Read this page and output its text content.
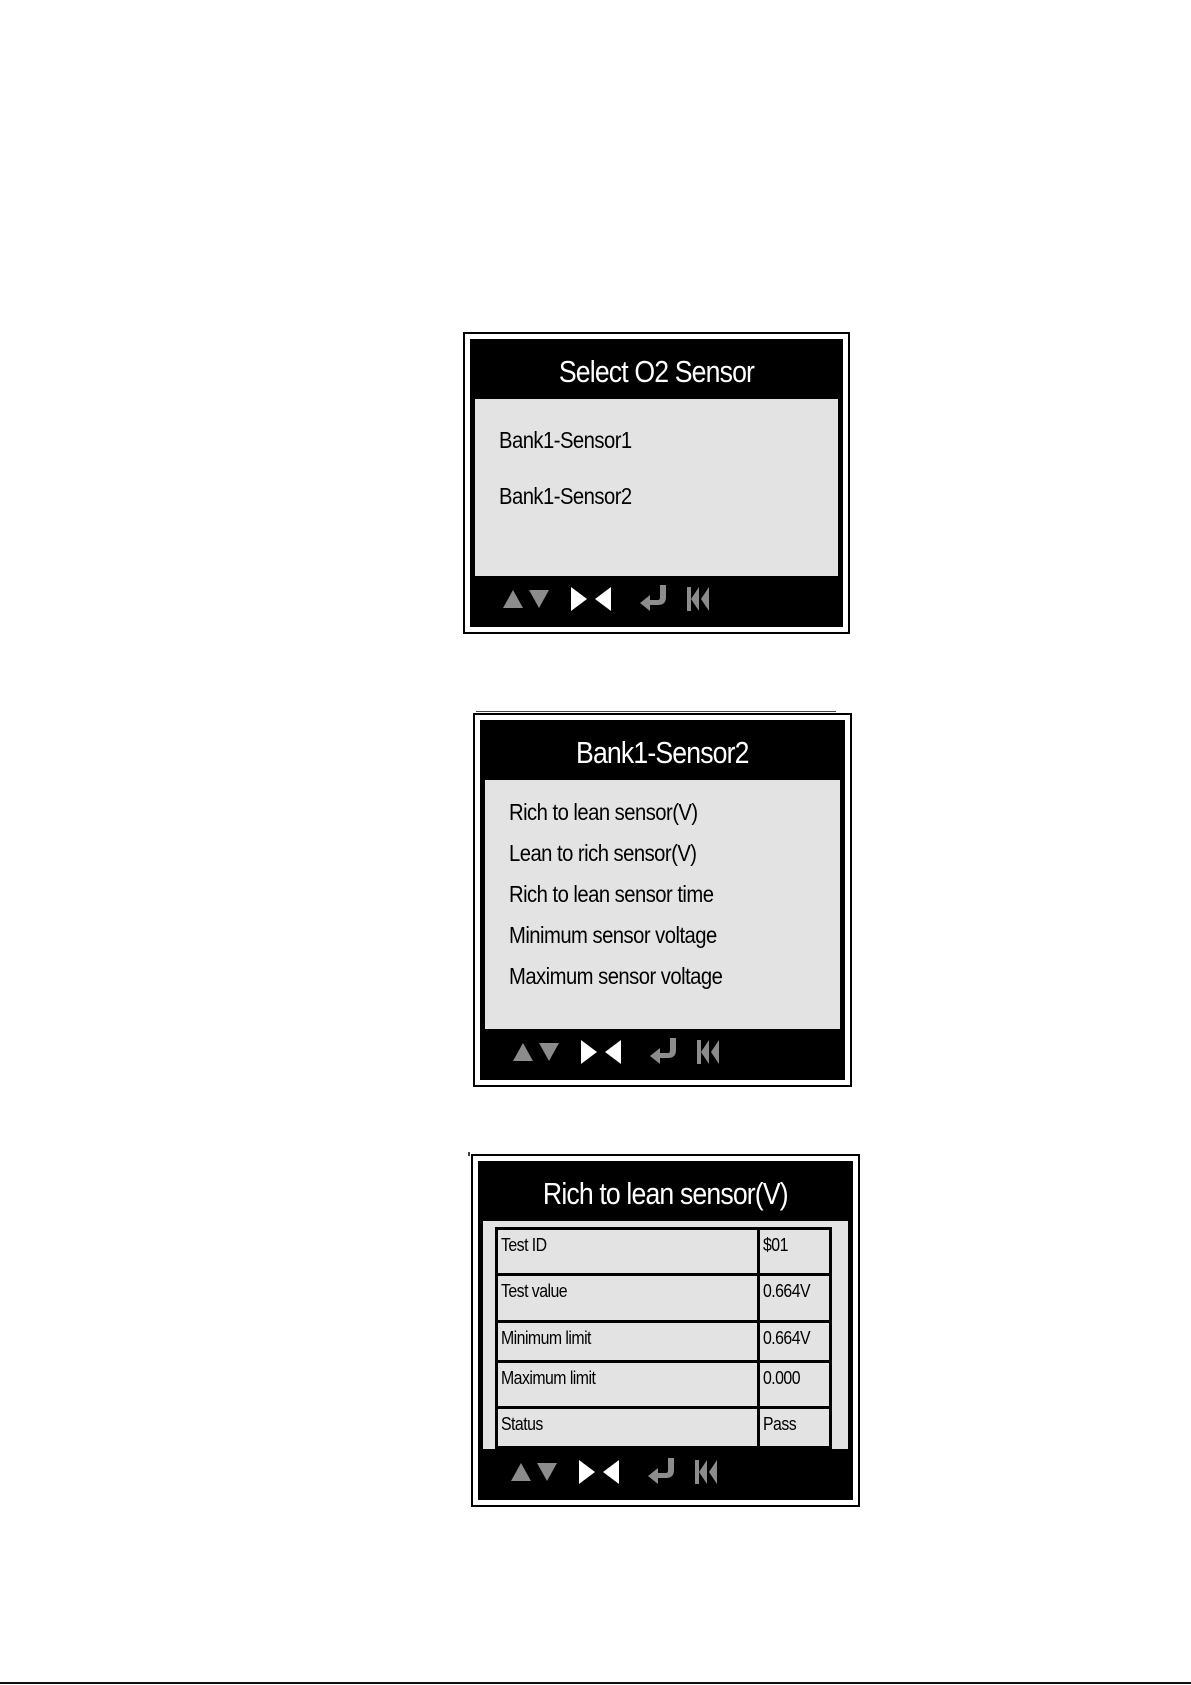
Select O2 Sensor
Bank1-Sensor1
Bank1-Sensor2
Bank1-Sensor2
Rich to lean sensor(V)
Lean to rich sensor(V)
Rich to lean sensor time
Minimum sensor voltage
Maximum sensor voltage
Rich to lean sensor(V)
Test ID	$01
Test value	0.664V
Minimum limit	0.664V
Maximum limit	0.000
Status	Pass
